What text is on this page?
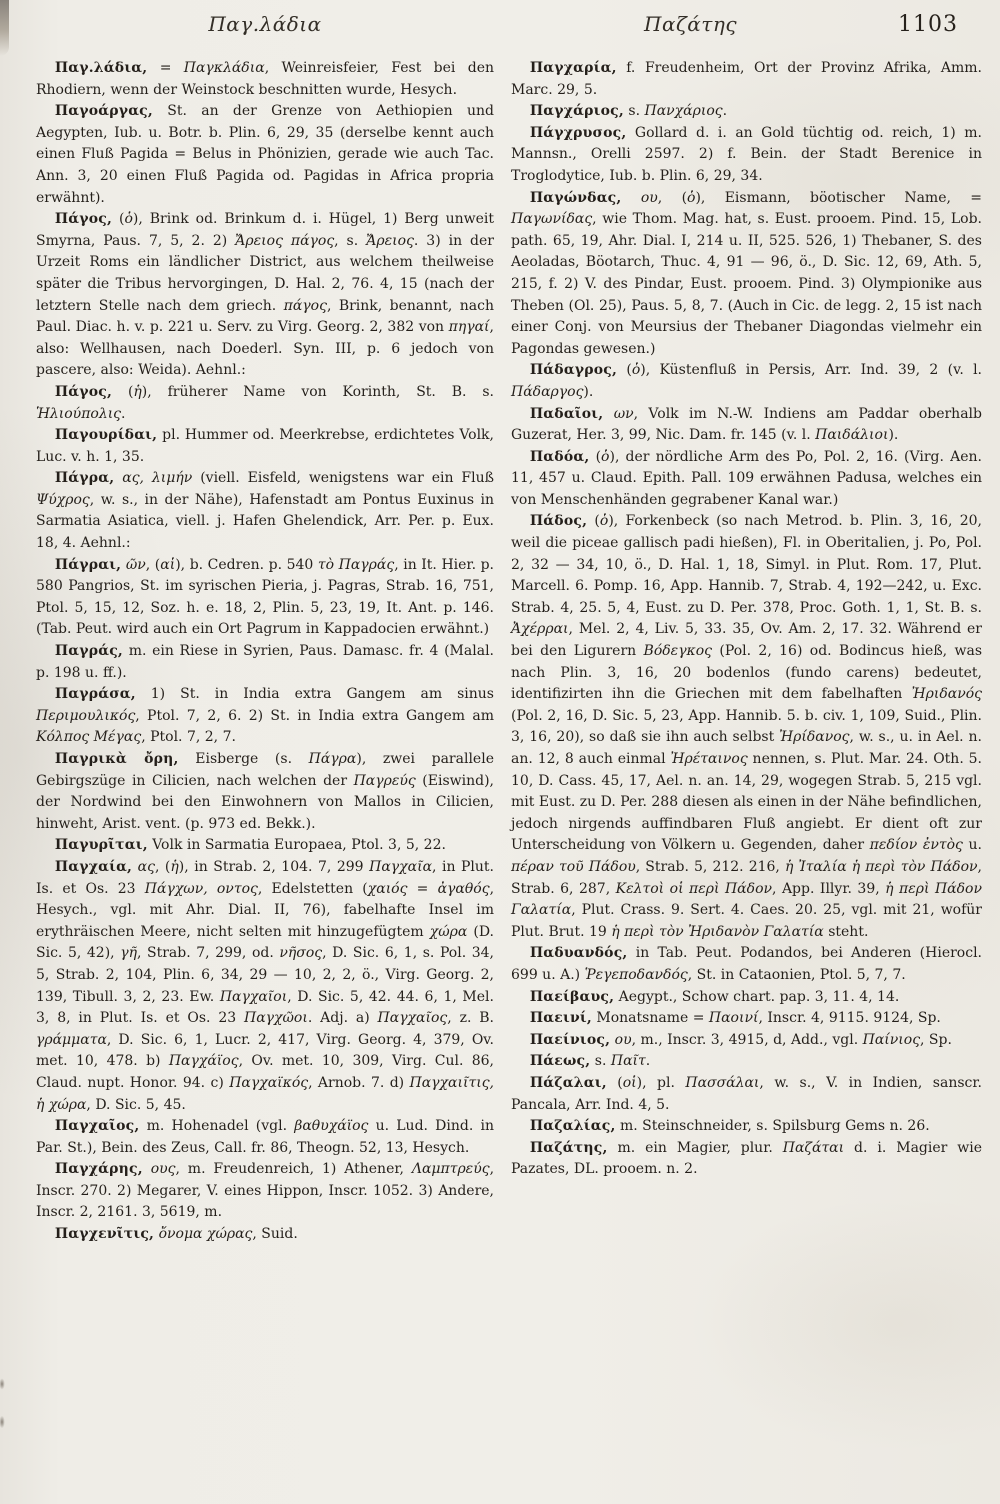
Παγ.λάδια	Παζάτης	1103

Παγ.λάδια, = Παγκλάδια, Weinreisfeier, Fest bei den Rhodiern, wenn der Weinstock beschnitten wurde, Hesych.

Παγοάργας, St. an der Grenze von Aethiopien und Aegypten, Iub. u. Botr. b. Plin. 6, 29, 35 (derselbe kennt auch einen Fluß Pagida = Belus in Phönizien, gerade wie auch Tac. Ann. 3, 20 einen Fluß Pagida od. Pagidas in Africa propria erwähnt).

Πάγος, (ὁ), Brink od. Brinkum d. i. Hügel, 1) Berg unweit Smyrna, Paus. 7, 5, 2. 2) Ἄρειος πάγος, s. Ἄρειος. 3) in der Urzeit Roms ein ländlicher District, aus welchem theilweise später die Tribus hervorgingen, D. Hal. 2, 76. 4, 15 (nach der letztern Stelle nach dem griech. πάγος, Brink, benannt, nach Paul. Diac. h. v. p. 221 u. Serv. zu Virg. Georg. 2, 382 von πηγαί, also: Wellhausen, nach Doederl. Syn. III, p. 6 jedoch von pascere, also: Weida). Aehnl.:

Πάγος, (ἡ), früherer Name von Korinth, St. B. s. Ἡλιούπολις.

Παγουρίδαι, pl. Hummer od. Meerkrebse, erdichtetes Volk, Luc. v. h. 1, 35.

Πάγρα, ας, λιμήν (viell. Eisfeld, wenigstens war ein Fluß Ψύχρος, w. s., in der Nähe), Hafenstadt am Pontus Euxinus in Sarmatia Asiatica, viell. j. Hafen Ghelendick, Arr. Per. p. Eux. 18, 4. Aehnl.:

Πάγραι, ῶν, (αἱ), b. Cedren. p. 540 τὸ Παγράς, in It. Hier. p. 580 Pangrios, St. im syrischen Pieria, j. Pagras, Strab. 16, 751, Ptol. 5, 15, 12, Soz. h. e. 18, 2, Plin. 5, 23, 19, It. Ant. p. 146. (Tab. Peut. wird auch ein Ort Pagrum in Kappadocien erwähnt.)

Παγράς, m. ein Riese in Syrien, Paus. Damasc. fr. 4 (Malal. p. 198 u. ff.).

Παγράσα, 1) St. in India extra Gangem am sinus Περιμουλικός, Ptol. 7, 2, 6. 2) St. in India extra Gangem am Κόλπος Μέγας, Ptol. 7, 2, 7.

Παγρικὰ ὄρη, Eisberge (s. Πάγρα), zwei parallele Gebirgszüge in Cilicien, nach welchen der Παγρεύς (Eiswind), der Nordwind bei den Einwohnern von Mallos in Cilicien, hinweht, Arist. vent. (p. 973 ed. Bekk.).

Παγυρῖται, Volk in Sarmatia Europaea, Ptol. 3, 5, 22.

Παγχαία, ας, (ἡ), in Strab. 2, 104. 7, 299 Παγχαῖα, in Plut. Is. et Os. 23 Πάγχων, οντος, Edelstetten (χαιός = ἀγαθός, Hesych., vgl. mit Ahr. Dial. II, 76), fabelhafte Insel im erythräischen Meere, nicht selten mit hinzugefügtem χώρα (D. Sic. 5, 42), γῆ, Strab. 7, 299, od. νῆσος, D. Sic. 6, 1, s. Pol. 34, 5, Strab. 2, 104, Plin. 6, 34, 29 — 10, 2, 2, ö., Virg. Georg. 2, 139, Tibull. 3, 2, 23. Ew. Παγχαῖοι, D. Sic. 5, 42. 44. 6, 1, Mel. 3, 8, in Plut. Is. et Os. 23 Παγχῶοι. Adj. a) Παγχαῖος, z. B. γράμματα, D. Sic. 6, 1, Lucr. 2, 417, Virg. Georg. 4, 379, Ov. met. 10, 478. b) Παγχάϊος, Ov. met. 10, 309, Virg. Cul. 86, Claud. nupt. Honor. 94. c) Παγχαϊκός, Arnob. 7. d) Παγχαιῖτις, ἡ χώρα, D. Sic. 5, 45.

Παγχαῖος, m. Hohenadel (vgl. βαθυχάϊος u. Lud. Dind. in Par. St.), Bein. des Zeus, Call. fr. 86, Theogn. 52, 13, Hesych.

Παγχάρης, ους, m. Freudenreich, 1) Athener, Λαμπτρεύς, Inscr. 270. 2) Megarer, V. eines Hippon, Inscr. 1052. 3) Andere, Inscr. 2, 2161. 3, 5619, m.

Παγχενῖτις, ὄνομα χώρας, Suid.

Παγχαρία, f. Freudenheim, Ort der Provinz Afrika, Amm. Marc. 29, 5.

Παγχάριος, s. Πανχάριος.

Πάγχρυσος, Gollard d. i. an Gold tüchtig od. reich, 1) m. Mannsn., Orelli 2597. 2) f. Bein. der Stadt Berenice in Troglodytice, Iub. b. Plin. 6, 29, 34.

Παγώνδας, ου, (ὁ), Eismann, böotischer Name, = Παγωνίδας, wie Thom. Mag. hat, s. Eust. prooem. Pind. 15, Lob. path. 65, 19, Ahr. Dial. I, 214 u. II, 525. 526, 1) Thebaner, S. des Aeoladas, Böotarch, Thuc. 4, 91 — 96, ö., D. Sic. 12, 69, Ath. 5, 215, f. 2) V. des Pindar, Eust. prooem. Pind. 3) Olympionike aus Theben (Ol. 25), Paus. 5, 8, 7. (Auch in Cic. de legg. 2, 15 ist nach einer Conj. von Meursius der Thebaner Diagondas vielmehr ein Pagondas gewesen.)

Πάδαγρος, (ὁ), Küstenfluß in Persis, Arr. Ind. 39, 2 (v. l. Πάδαργος).

Παδαῖοι, ων, Volk im N.-W. Indiens am Paddar oberhalb Guzerat, Her. 3, 99, Nic. Dam. fr. 145 (v. l. Παιδάλιοι).

Παδόα, (ὁ), der nördliche Arm des Po, Pol. 2, 16. (Virg. Aen. 11, 457 u. Claud. Epith. Pall. 109 erwähnen Padusa, welches ein von Menschenhänden gegrabener Kanal war.)

Πάδος, (ὁ), Forkenbeck (so nach Metrod. b. Plin. 3, 16, 20, weil die piceae gallisch padi hießen), Fl. in Oberitalien, j. Po, Pol. 2, 32 — 34, 10, ö., D. Hal. 1, 18, Simyl. in Plut. Rom. 17, Plut. Marcell. 6. Pomp. 16, App. Hannib. 7, Strab. 4, 192—242, u. Exc. Strab. 4, 25. 5, 4, Eust. zu D. Per. 378, Proc. Goth. 1, 1, St. B. s. Ἀχέρραι, Mel. 2, 4, Liv. 5, 33. 35, Ov. Am. 2, 17. 32. Während er bei den Ligurern Βόδεγκος (Pol. 2, 16) od. Bodincus hieß, was nach Plin. 3, 16, 20 bodenlos (fundo carens) bedeutet, identifizirten ihn die Griechen mit dem fabelhaften Ἠριδανός (Pol. 2, 16, D. Sic. 5, 23, App. Hannib. 5. b. civ. 1, 109, Suid., Plin. 3, 16, 20), so daß sie ihn auch selbst Ἠρίδανος, w. s., u. in Ael. n. an. 12, 8 auch einmal Ἠρέταινος nennen, s. Plut. Mar. 24. Oth. 5. 10, D. Cass. 45, 17, Ael. n. an. 14, 29, wogegen Strab. 5, 215 vgl. mit Eust. zu D. Per. 288 diesen als einen in der Nähe befindlichen, jedoch nirgends auffindbaren Fluß angiebt. Er dient oft zur Unterscheidung von Völkern u. Gegenden, daher πεδίον ἐντὸς u. πέραν τοῦ Πάδου, Strab. 5, 212. 216, ἡ Ἰταλία ἡ περὶ τὸν Πάδον, Strab. 6, 287, Κελτοὶ οἱ περὶ Πάδον, App. Illyr. 39, ἡ περὶ Πάδον Γαλατία, Plut. Crass. 9. Sert. 4. Caes. 20. 25, vgl. mit 21, wofür Plut. Brut. 19 ἡ περὶ τὸν Ἠριδανὸν Γαλατία steht.

Παδυανδός, in Tab. Peut. Podandos, bei Anderen (Hierocl. 699 u. A.) Ῥεγεποδανδός, St. in Cataonien, Ptol. 5, 7, 7.

Παείβαυς, Aegypt., Schow chart. pap. 3, 11. 4, 14.

Παεινί, Monatsname = Παοινί, Inscr. 4, 9115. 9124, Sp.

Παείνιος, ου, m., Inscr. 3, 4915, d, Add., vgl. Παίνιος, Sp.

Πάεως, s. Παῖτ.

Πάζαλαι, (οἱ), pl. Πασσάλαι, w. s., V. in Indien, sanscr. Pancala, Arr. Ind. 4, 5.

Παζαλίας, m. Steinschneider, s. Spilsburg Gems n. 26.

Παζάτης, m. ein Magier, plur. Παζάται d. i. Magier wie Pazates, DL. prooem. n. 2.
